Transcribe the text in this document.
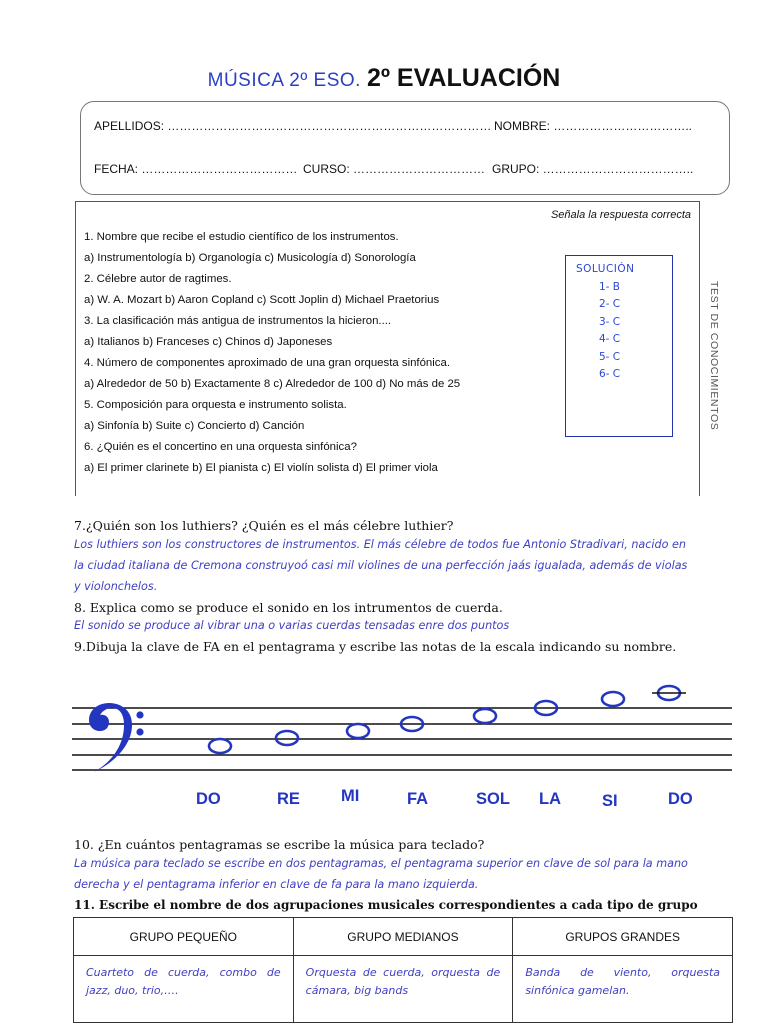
MÚSICA 2º ESO. 2º EVALUACIÓN
APELLIDOS: ……………………………………………………………………… NOMBRE: ……………………………..
FECHA: ………………………………… CURSO: …………………………… GRUPO: ………………………………..
Señala la respuesta correcta
1. Nombre que recibe el estudio científico de los instrumentos.
a) Instrumentología b) Organología c) Musicología d) Sonorología
2. Célebre autor de ragtimes.
a) W. A. Mozart b) Aaron Copland c) Scott Joplin d) Michael Praetorius
3. La clasificación más antigua de instrumentos la hicieron....
a) Italianos b) Franceses c) Chinos d) Japoneses
4. Número de componentes aproximado de una gran orquesta sinfónica.
a) Alrededor de 50 b) Exactamente 8 c) Alrededor de 100 d) No más de 25
5. Composición para orquesta e instrumento solista.
a) Sinfonía b) Suite c) Concierto d) Canción
6. ¿Quién es el concertino en una orquesta sinfónica?
a) El primer clarinete b) El pianista c) El violín solista d) El primer viola
SOLUCIÓN
1- B
2- C
3- C
4- C
5- C
6- C	TEST DE CONOCIMIENTOS
7.¿Quién son los luthiers? ¿Quién es el más célebre luthier?
Los luthiers son los constructores de instrumentos. El más célebre de todos fue Antonio Stradivari, nacido en
la ciudad italiana de Cremona construyoó casi mil violines de una perfección jaás igualada, además de violas
y violonchelos.
8. Explica como se produce el sonido en los intrumentos de cuerda.
El sonido se produce al vibrar una o varias cuerdas tensadas enre dos puntos
9.Dibuja la clave de FA en el pentagrama y escribe las notas de la escala indicando su nombre.
DO	RE MI	FA	SOL LA SI	DO
10. ¿En cuántos pentagramas se escribe la música para teclado?
La música para teclado se escribe en dos pentagramas, el pentagrama superior en clave de sol para la mano
derecha y el pentagrama inferior en clave de fa para la mano izquierda.
11. Escribe el nombre de dos agrupaciones musicales correspondientes a cada tipo de grupo
GRUPO PEQUEÑO	GRUPO MEDIANOS	GRUPOS GRANDES
Cuarteto de cuerda, combo de jazz, duo, trio,….	Orquesta de cuerda, orquesta de cámara, big bands	Banda de viento, orquesta sinfónica gamelan.
